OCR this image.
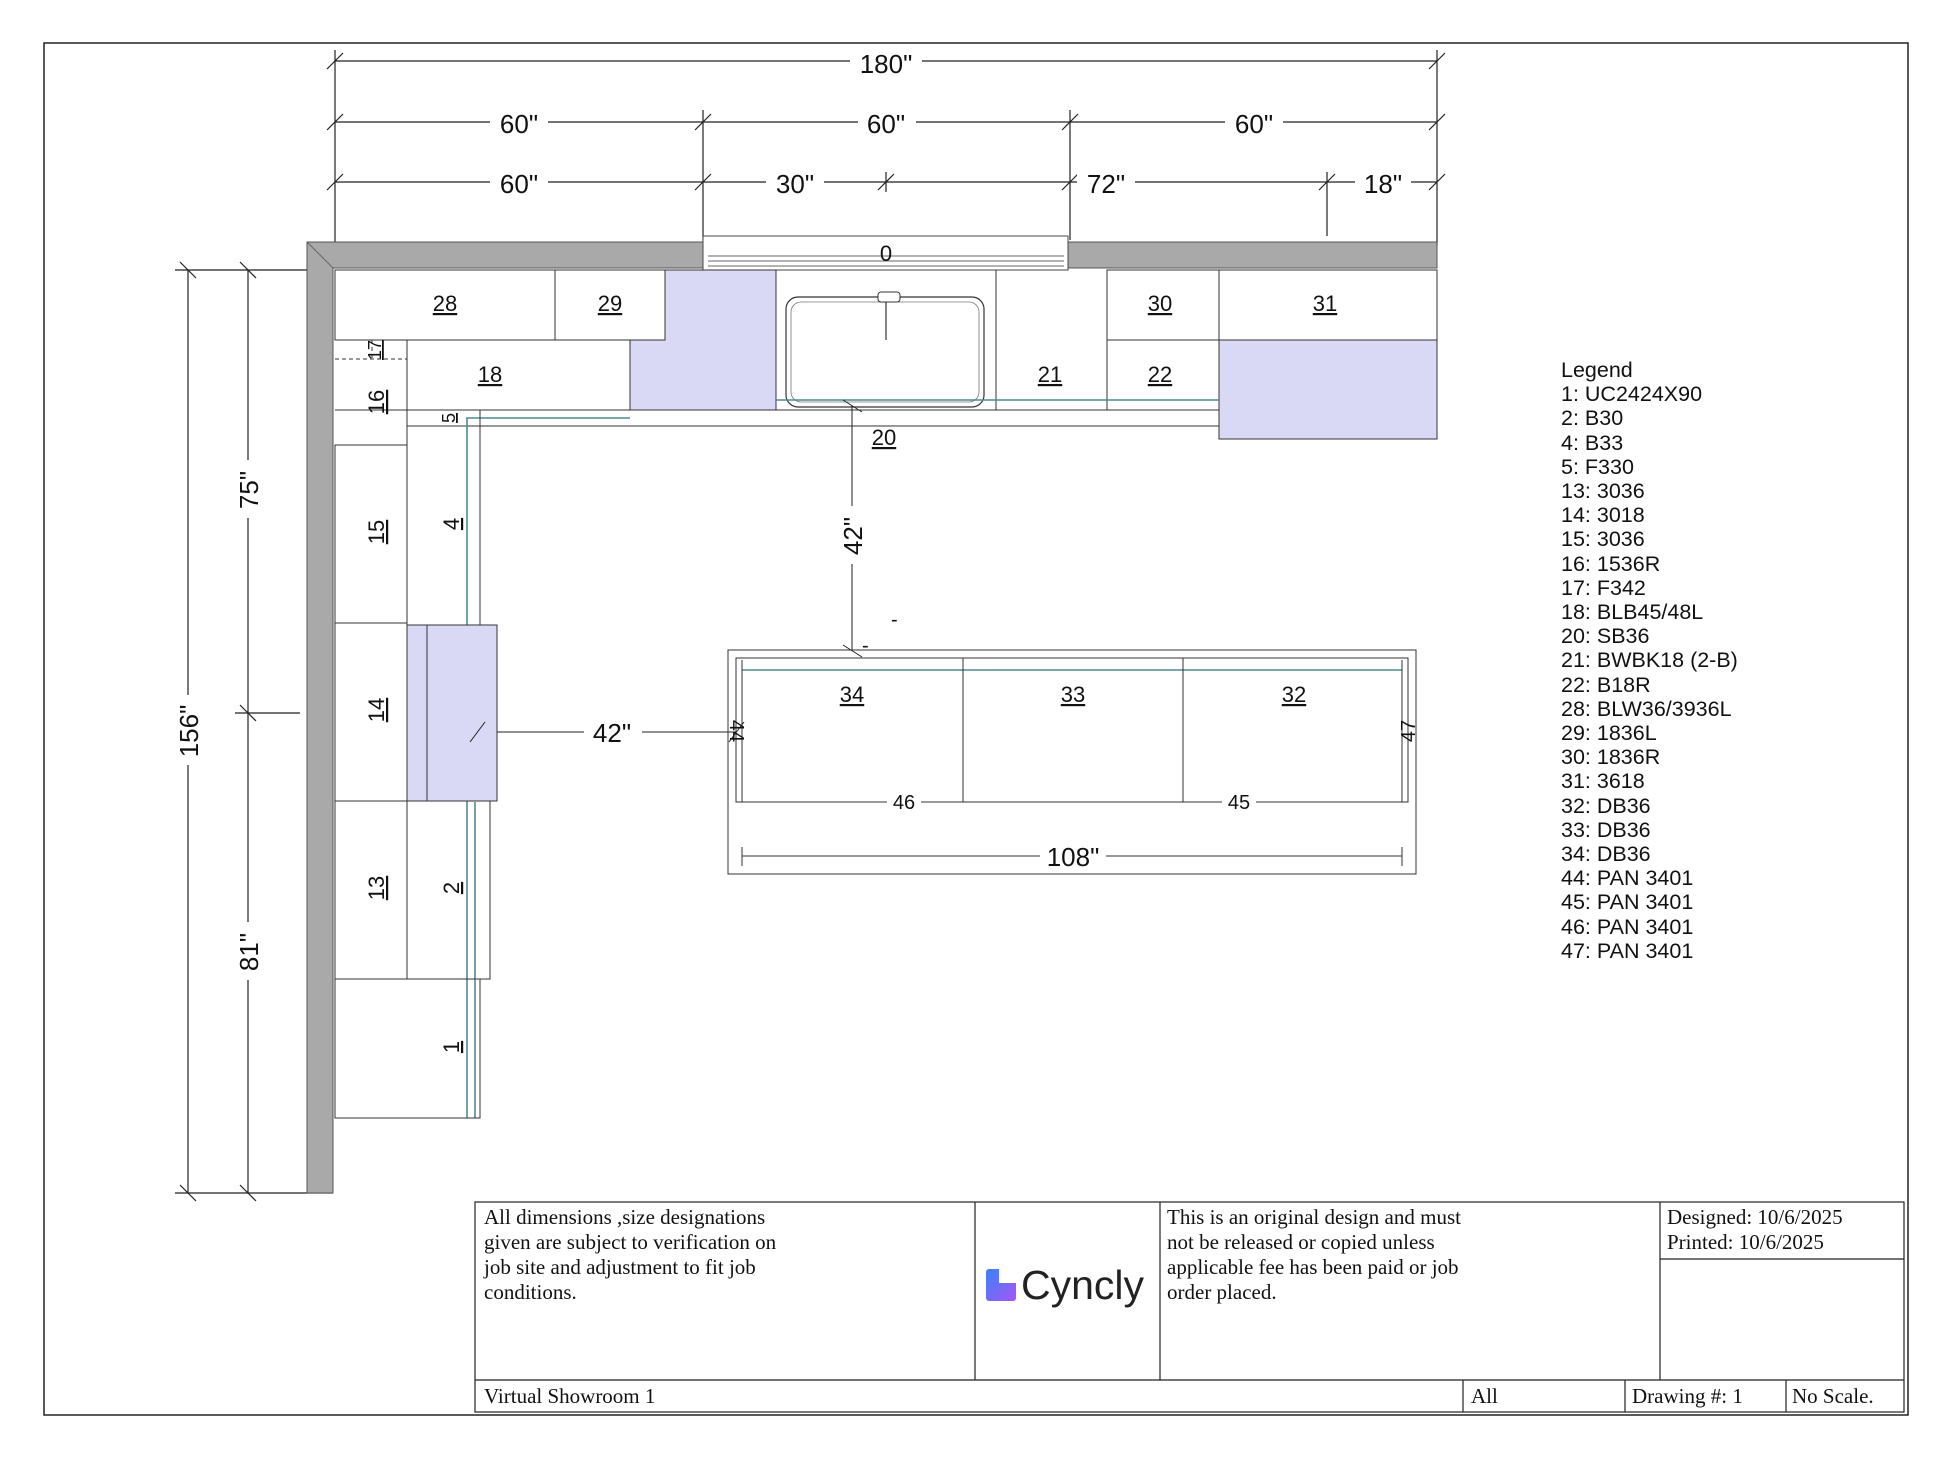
180"
60"	60"	60"
60"	30"	72"	18"
156"
75"
81"
0
42"
42"
-
-
28	29	30	31
18	21	22
20
17
16
5
15 4
14
13 2
1
34	33	32
44	47
46	45
108"
Cyncly
Legend
1: UC2424X90
2: B30
4: B33
5: F330
13: 3036
14: 3018
15: 3036
16: 1536R
17: F342
18: BLB45/48L
20: SB36
21: BWBK18 (2-B)
22: B18R
28: BLW36/3936L
29: 1836L
30: 1836R
31: 3618
32: DB36
33: DB36
34: DB36
44: PAN 3401
45: PAN 3401
46: PAN 3401
47: PAN 3401
All dimensions ,size designations
given are subject to verification on
job site and adjustment to fit job
conditions.
This is an original design and must
not be released or copied unless
applicable fee has been paid or job
order placed.
Designed: 10/6/2025
Printed: 10/6/2025
Virtual Showroom 1	All	Drawing #: 1 No Scale.
